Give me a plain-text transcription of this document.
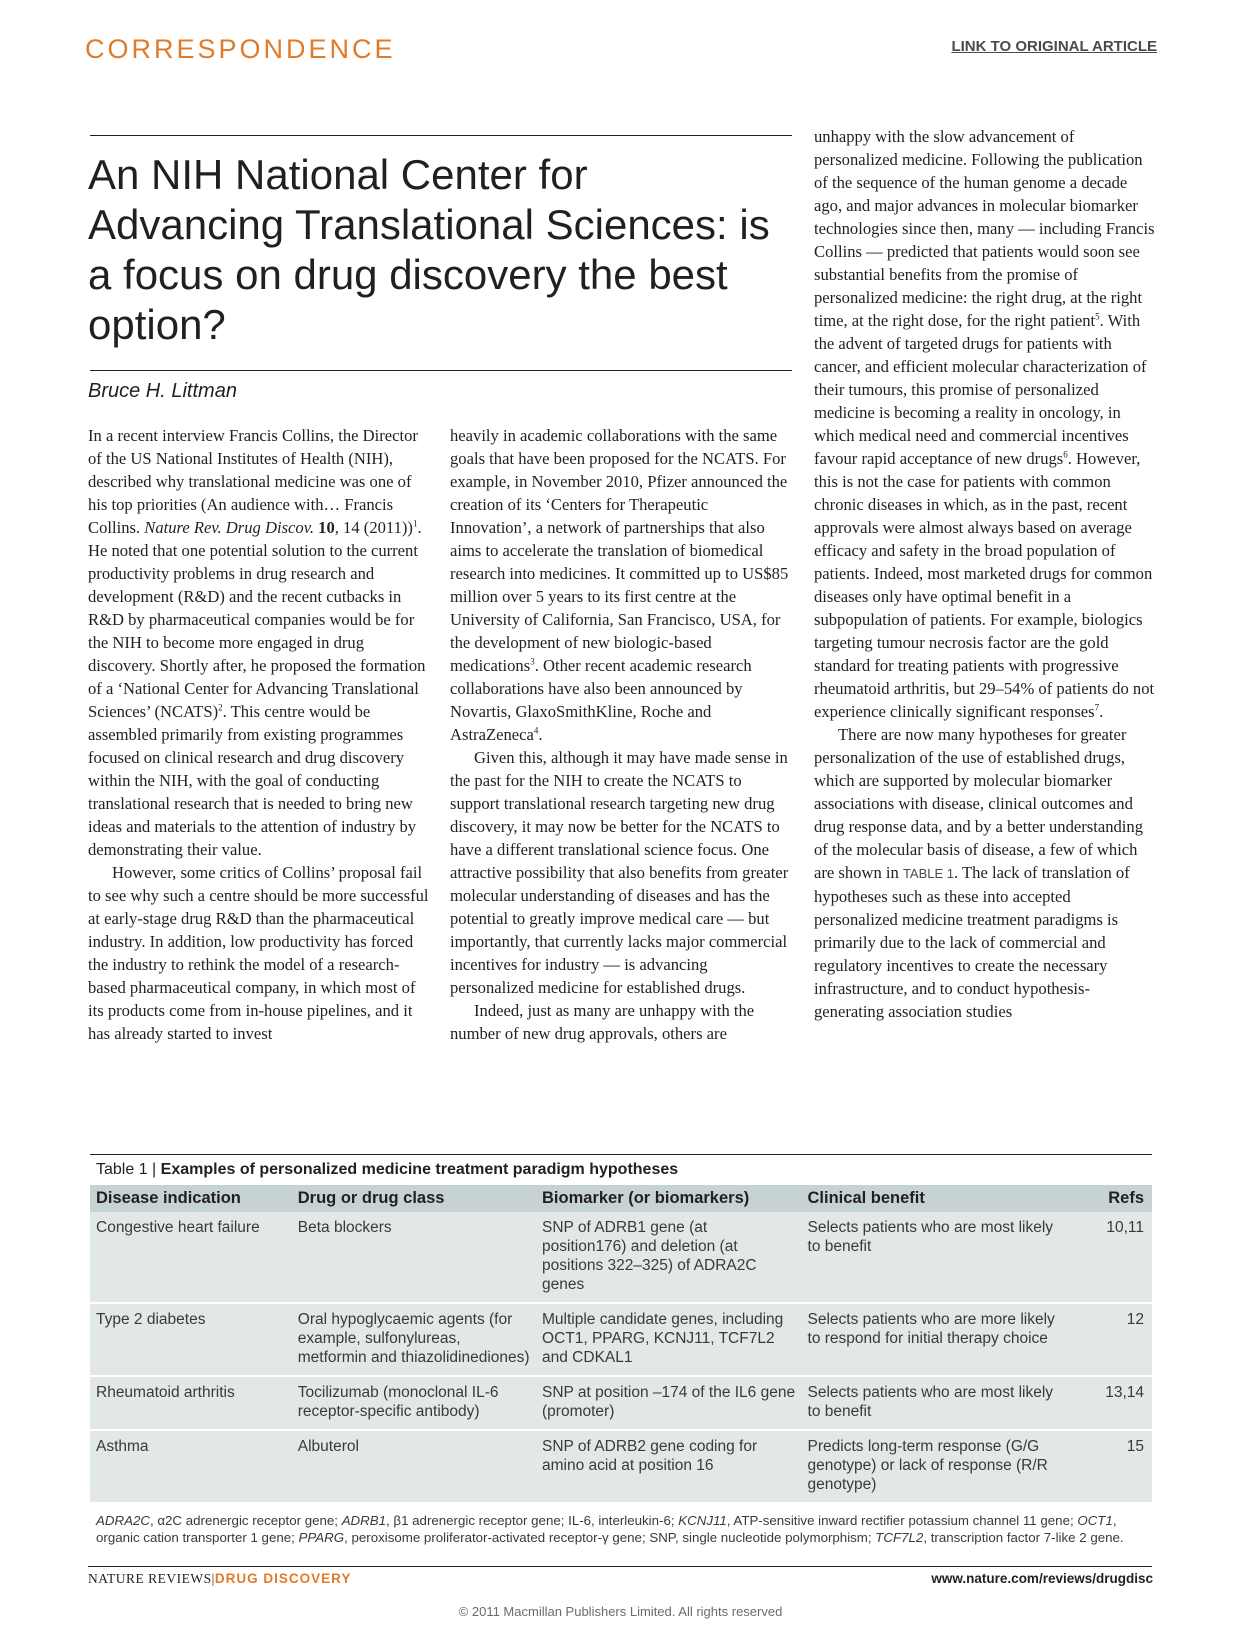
CORRESPONDENCE	LINK TO ORIGINAL ARTICLE
An NIH National Center for Advancing Translational Sciences: is a focus on drug discovery the best option?
Bruce H. Littman

In a recent interview Francis Collins, the Director of the US National Institutes of Health (NIH), described why translational medicine was one of his top priorities (An audience with… Francis Collins. Nature Rev. Drug Discov. 10, 14 (2011))$^1$. He noted that one potential solution to the current productivity problems in drug research and development (R&D) and the recent cutbacks in R&D by pharmaceutical companies would be for the NIH to become more engaged in drug discovery. Shortly after, he proposed the formation of a ‘National Center for Advancing Translational Sciences’ (NCATS)$^2$. This centre would be assembled primarily from existing programmes focused on clinical research and drug discovery within the NIH, with the goal of conducting translational research that is needed to bring new ideas and materials to the attention of industry by demonstrating their value.

However, some critics of Collins’ proposal fail to see why such a centre should be more successful at early-stage drug R&D than the pharmaceutical industry. In addition, low productivity has forced the industry to rethink the model of a research-based pharmaceutical company, in which most of its products come from in-house pipelines, and it has already started to invest

heavily in academic collaborations with the same goals that have been proposed for the NCATS. For example, in November 2010, Pfizer announced the creation of its ‘Centers for Therapeutic Innovation’, a network of partnerships that also aims to accelerate the translation of biomedical research into medicines. It committed up to US$85 million over 5 years to its first centre at the University of California, San Francisco, USA, for the development of new biologic-based medications$^3$. Other recent academic research collaborations have also been announced by Novartis, GlaxoSmithKline, Roche and AstraZeneca$^4$.

Given this, although it may have made sense in the past for the NIH to create the NCATS to support translational research targeting new drug discovery, it may now be better for the NCATS to have a different translational science focus. One attractive possibility that also benefits from greater molecular understanding of diseases and has the potential to greatly improve medical care — but importantly, that currently lacks major commercial incentives for industry — is advancing personalized medicine for established drugs.

Indeed, just as many are unhappy with the number of new drug approvals, others are

unhappy with the slow advancement of personalized medicine. Following the publication of the sequence of the human genome a decade ago, and major advances in molecular biomarker technologies since then, many — including Francis Collins — predicted that patients would soon see substantial benefits from the promise of personalized medicine: the right drug, at the right time, at the right dose, for the right patient$^5$. With the advent of targeted drugs for patients with cancer, and efficient molecular characterization of their tumours, this promise of personalized medicine is becoming a reality in oncology, in which medical need and commercial incentives favour rapid acceptance of new drugs$^6$. However, this is not the case for patients with common chronic diseases in which, as in the past, recent approvals were almost always based on average efficacy and safety in the broad population of patients. Indeed, most marketed drugs for common diseases only have optimal benefit in a subpopulation of patients. For example, biologics targeting tumour necrosis factor are the gold standard for treating patients with progressive rheumatoid arthritis, but 29–54% of patients do not experience clinically significant responses$^7$.

There are now many hypotheses for greater personalization of the use of established drugs, which are supported by molecular biomarker associations with disease, clinical outcomes and drug response data, and by a better understanding of the molecular basis of disease, a few of which are shown in TABLE 1. The lack of translation of hypotheses such as these into accepted personalized medicine treatment paradigms is primarily due to the lack of commercial and regulatory incentives to create the necessary infrastructure, and to conduct hypothesis-generating association studies

Table 1 | Examples of personalized medicine treatment paradigm hypotheses
Disease indication	Drug or drug class	Biomarker (or biomarkers)	Clinical benefit	Refs
Congestive heart failure	Beta blockers	SNP of ADRB1 gene (at position176) and deletion (at positions 322–325) of ADRA2C genes	Selects patients who are most likely to benefit	10,11
Type 2 diabetes	Oral hypoglycaemic agents (for example, sulfonylureas, metformin and thiazolidinediones)	Multiple candidate genes, including OCT1, PPARG, KCNJ11, TCF7L2 and CDKAL1	Selects patients who are more likely to respond for initial therapy choice	12
Rheumatoid arthritis	Tocilizumab (monoclonal IL-6 receptor-specific antibody)	SNP at position –174 of the IL6 gene (promoter)	Selects patients who are most likely to benefit	13,14
Asthma	Albuterol	SNP of ADRB2 gene coding for amino acid at position 16	Predicts long-term response (G/G genotype) or lack of response (R/R genotype)	15
ADRA2C, α2C adrenergic receptor gene; ADRB1, β1 adrenergic receptor gene; IL-6, interleukin-6; KCNJ11, ATP-sensitive inward rectifier potassium channel 11 gene; OCT1, organic cation transporter 1 gene; PPARG, peroxisome proliferator-activated receptor-γ gene; SNP, single nucleotide polymorphism; TCF7L2, transcription factor 7-like 2 gene.
NATURE REVIEWS|DRUG DISCOVERY	www.nature.com/reviews/drugdisc
© 2011 Macmillan Publishers Limited. All rights reserved
